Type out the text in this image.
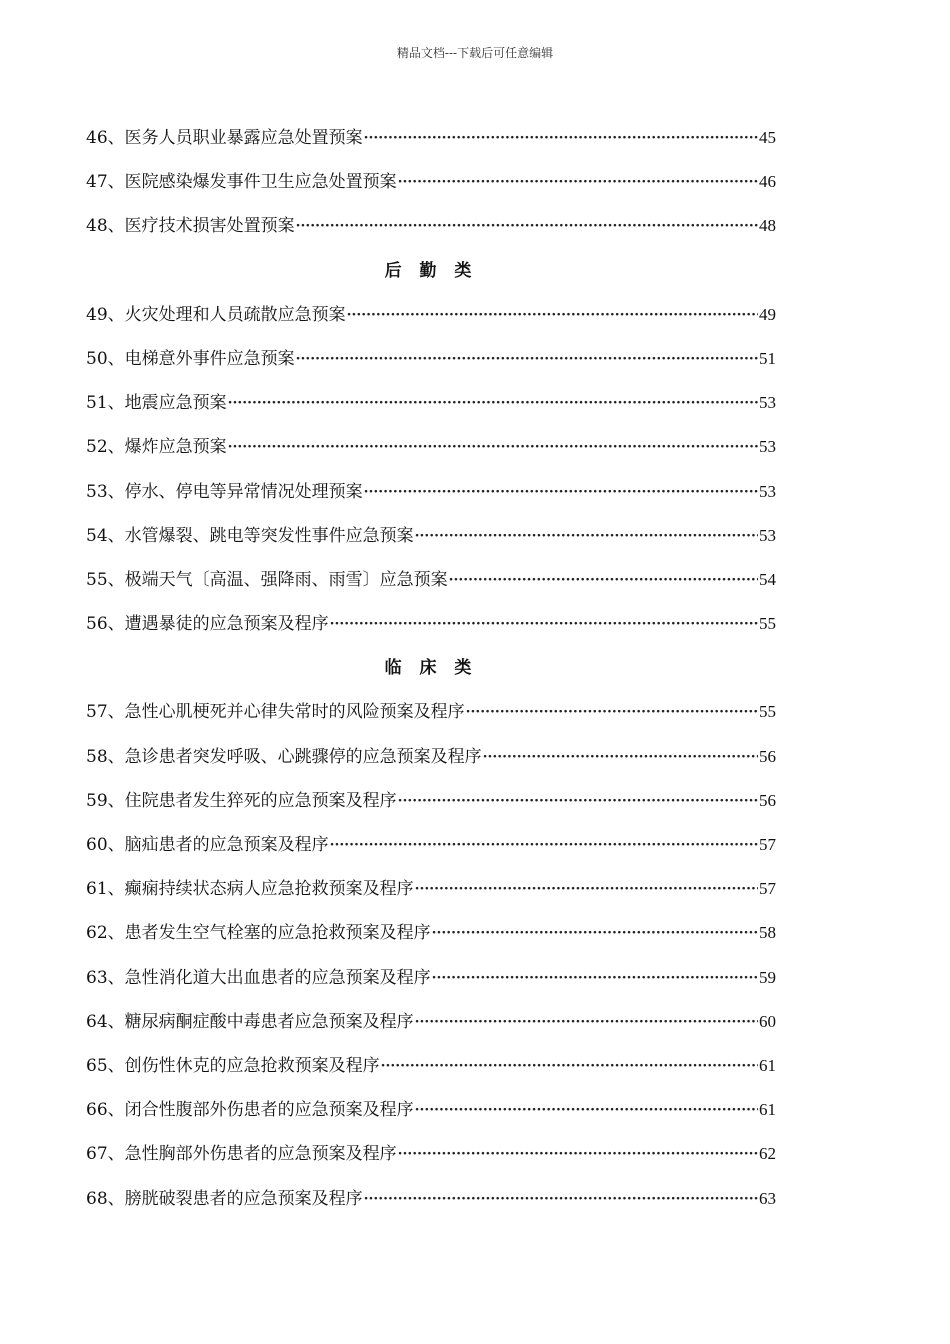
精品文档---下载后可任意编辑
46、医务人员职业暴露应急处置预案 ·····	45
47、医院感染爆发事件卫生应急处置预案 ·····	46
48、医疗技术损害处置预案 ·····	48
后 勤 类
49、火灾处理和人员疏散应急预案 ·····	49
50、电梯意外事件应急预案 ·····	51
51、地震应急预案 ·····	53
52、爆炸应急预案 ·····	53
53、停水、停电等异常情况处理预案 ·····	53
54、水管爆裂、跳电等突发性事件应急预案 ·····	53
55、极端天气〔高温、强降雨、雨雪〕应急预案 ·····	54
56、遭遇暴徒的应急预案及程序 ·····	55
临 床 类
57、急性心肌梗死并心律失常时的风险预案及程序 ·····	55
58、急诊患者突发呼吸、心跳骤停的应急预案及程序 ·····	56
59、住院患者发生猝死的应急预案及程序 ·····	56
60、脑疝患者的应急预案及程序 ·····	57
61、癫痫持续状态病人应急抢救预案及程序 ·····	57
62、患者发生空气栓塞的应急抢救预案及程序 ·····	58
63、急性消化道大出血患者的应急预案及程序 ·····	59
64、糖尿病酮症酸中毒患者应急预案及程序 ·····	60
65、创伤性休克的应急抢救预案及程序 ·····	61
66、闭合性腹部外伤患者的应急预案及程序 ·····	61
67、急性胸部外伤患者的应急预案及程序 ·····	62
68、膀胱破裂患者的应急预案及程序 ·····	63
